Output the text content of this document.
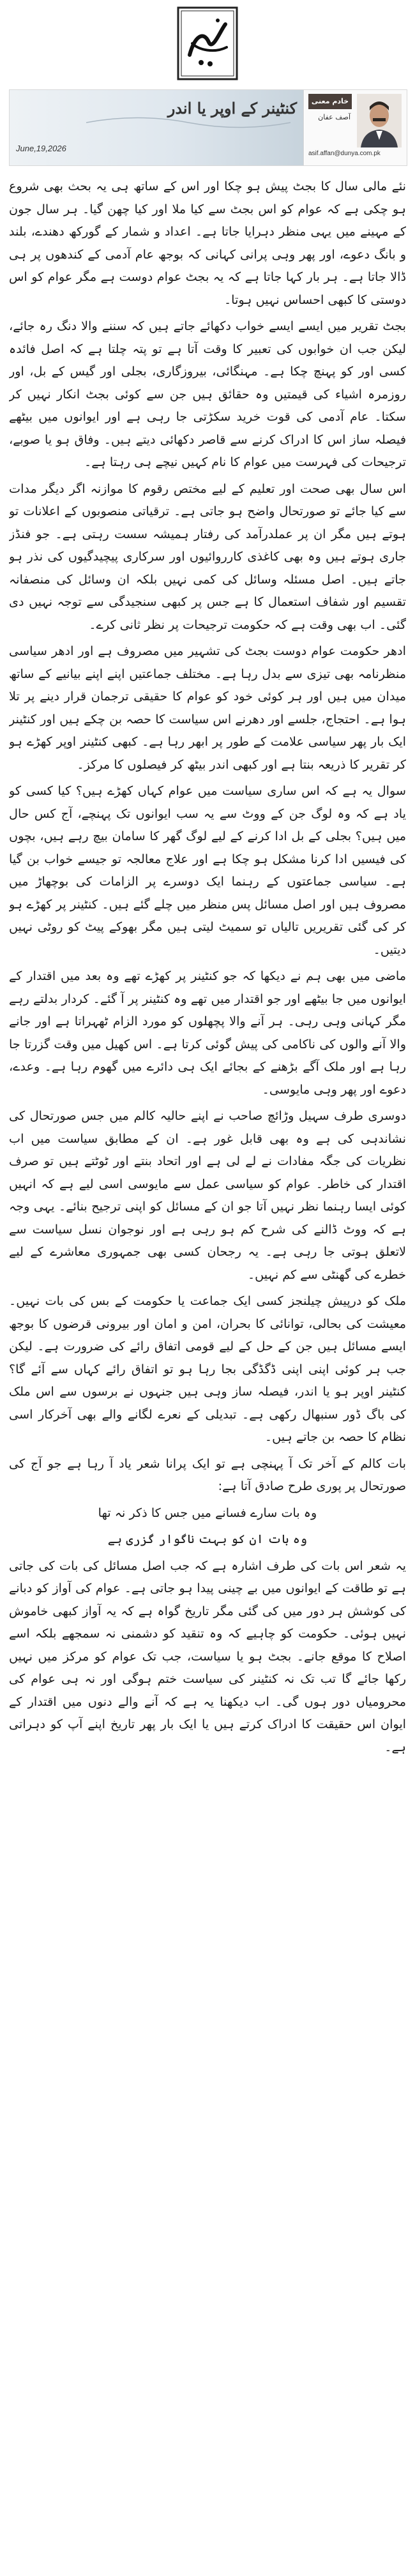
کنٹینر کے اوپر یا اندر
June,19,2026
خادم معنی
آصف عفان
asif.affan@dunya.com.pk

نئے مالی سال کا بجٹ پیش ہو چکا اور اس کے ساتھ ہی یہ بحث بھی شروع ہو چکی ہے کہ عوام کو اس بجٹ سے کیا ملا اور کیا چھن گیا۔ ہر سال جون کے مہینے میں یہی منظر دہرایا جاتا ہے۔ اعداد و شمار کے گورکھ دھندے، بلند و بانگ دعوے، اور پھر وہی پرانی کہانی کہ بوجھ عام آدمی کے کندھوں پر ہی ڈالا جاتا ہے۔ ہر بار کہا جاتا ہے کہ یہ بجٹ عوام دوست ہے مگر عوام کو اس دوستی کا کبھی احساس نہیں ہوتا۔

بجٹ تقریر میں ایسے ایسے خواب دکھائے جاتے ہیں کہ سننے والا دنگ رہ جائے، لیکن جب ان خوابوں کی تعبیر کا وقت آتا ہے تو پتہ چلتا ہے کہ اصل فائدہ کسی اور کو پہنچ چکا ہے۔ مہنگائی، بیروزگاری، بجلی اور گیس کے بل، اور روزمرہ اشیاء کی قیمتیں وہ حقائق ہیں جن سے کوئی بجٹ انکار نہیں کر سکتا۔ عام آدمی کی قوت خرید سکڑتی جا رہی ہے اور ایوانوں میں بیٹھے فیصلہ ساز اس کا ادراک کرنے سے قاصر دکھائی دیتے ہیں۔ وفاق ہو یا صوبے، ترجیحات کی فہرست میں عوام کا نام کہیں نیچے ہی رہتا ہے۔

اس سال بھی صحت اور تعلیم کے لیے مختص رقوم کا موازنہ اگر دیگر مدات سے کیا جائے تو صورتحال واضح ہو جاتی ہے۔ ترقیاتی منصوبوں کے اعلانات تو ہوتے ہیں مگر ان پر عملدرآمد کی رفتار ہمیشہ سست رہتی ہے۔ جو فنڈز جاری ہوتے ہیں وہ بھی کاغذی کارروائیوں اور سرکاری پیچیدگیوں کی نذر ہو جاتے ہیں۔ اصل مسئلہ وسائل کی کمی نہیں بلکہ ان وسائل کی منصفانہ تقسیم اور شفاف استعمال کا ہے جس پر کبھی سنجیدگی سے توجہ نہیں دی گئی۔ اب بھی وقت ہے کہ حکومت ترجیحات پر نظر ثانی کرے۔

ادھر حکومت عوام دوست بجٹ کی تشہیر میں مصروف ہے اور ادھر سیاسی منظرنامہ بھی تیزی سے بدل رہا ہے۔ مختلف جماعتیں اپنے اپنے بیانیے کے ساتھ میدان میں ہیں اور ہر کوئی خود کو عوام کا حقیقی ترجمان قرار دینے پر تلا ہوا ہے۔ احتجاج، جلسے اور دھرنے اس سیاست کا حصہ بن چکے ہیں اور کنٹینر ایک بار پھر سیاسی علامت کے طور پر ابھر رہا ہے۔ کبھی کنٹینر اوپر کھڑے ہو کر تقریر کا ذریعہ بنتا ہے اور کبھی اندر بیٹھ کر فیصلوں کا مرکز۔

سوال یہ ہے کہ اس ساری سیاست میں عوام کہاں کھڑے ہیں؟ کیا کسی کو یاد ہے کہ وہ لوگ جن کے ووٹ سے یہ سب ایوانوں تک پہنچے، آج کس حال میں ہیں؟ بجلی کے بل ادا کرنے کے لیے لوگ گھر کا سامان بیچ رہے ہیں، بچوں کی فیسیں ادا کرنا مشکل ہو چکا ہے اور علاج معالجہ تو جیسے خواب بن گیا ہے۔ سیاسی جماعتوں کے رہنما ایک دوسرے پر الزامات کی بوچھاڑ میں مصروف ہیں اور اصل مسائل پس منظر میں چلے گئے ہیں۔ کنٹینر پر کھڑے ہو کر کی گئی تقریریں تالیاں تو سمیٹ لیتی ہیں مگر بھوکے پیٹ کو روٹی نہیں دیتیں۔

ماضی میں بھی ہم نے دیکھا کہ جو کنٹینر پر کھڑے تھے وہ بعد میں اقتدار کے ایوانوں میں جا بیٹھے اور جو اقتدار میں تھے وہ کنٹینر پر آ گئے۔ کردار بدلتے رہے مگر کہانی وہی رہی۔ ہر آنے والا پچھلوں کو مورد الزام ٹھہراتا ہے اور جانے والا آنے والوں کی ناکامی کی پیش گوئی کرتا ہے۔ اس کھیل میں وقت گزرتا جا رہا ہے اور ملک آگے بڑھنے کے بجائے ایک ہی دائرے میں گھوم رہا ہے۔ وعدے، دعوے اور پھر وہی مایوسی۔

دوسری طرف سہیل وڑائچ صاحب نے اپنے حالیہ کالم میں جس صورتحال کی نشاندہی کی ہے وہ بھی قابل غور ہے۔ ان کے مطابق سیاست میں اب نظریات کی جگہ مفادات نے لے لی ہے اور اتحاد بنتے اور ٹوٹتے ہیں تو صرف اقتدار کی خاطر۔ عوام کو سیاسی عمل سے مایوسی اسی لیے ہے کہ انہیں کوئی ایسا رہنما نظر نہیں آتا جو ان کے مسائل کو اپنی ترجیح بنائے۔ یہی وجہ ہے کہ ووٹ ڈالنے کی شرح کم ہو رہی ہے اور نوجوان نسل سیاست سے لاتعلق ہوتی جا رہی ہے۔ یہ رجحان کسی بھی جمہوری معاشرے کے لیے خطرے کی گھنٹی سے کم نہیں۔

ملک کو درپیش چیلنجز کسی ایک جماعت یا حکومت کے بس کی بات نہیں۔ معیشت کی بحالی، توانائی کا بحران، امن و امان اور بیرونی قرضوں کا بوجھ ایسے مسائل ہیں جن کے حل کے لیے قومی اتفاق رائے کی ضرورت ہے۔ لیکن جب ہر کوئی اپنی اپنی ڈگڈگی بجا رہا ہو تو اتفاق رائے کہاں سے آئے گا؟ کنٹینر اوپر ہو یا اندر، فیصلہ ساز وہی ہیں جنہوں نے برسوں سے اس ملک کی باگ ڈور سنبھال رکھی ہے۔ تبدیلی کے نعرے لگانے والے بھی آخرکار اسی نظام کا حصہ بن جاتے ہیں۔

بات کالم کے آخر تک آ پہنچی ہے تو ایک پرانا شعر یاد آ رہا ہے جو آج کی صورتحال پر پوری طرح صادق آتا ہے:

وہ بات سارے فسانے میں جس کا ذکر نہ تھا

وہ بات ان کو بہت ناگوار گزری ہے

یہ شعر اس بات کی طرف اشارہ ہے کہ جب اصل مسائل کی بات کی جاتی ہے تو طاقت کے ایوانوں میں بے چینی پیدا ہو جاتی ہے۔ عوام کی آواز کو دبانے کی کوشش ہر دور میں کی گئی مگر تاریخ گواہ ہے کہ یہ آواز کبھی خاموش نہیں ہوئی۔ حکومت کو چاہیے کہ وہ تنقید کو دشمنی نہ سمجھے بلکہ اسے اصلاح کا موقع جانے۔ بجٹ ہو یا سیاست، جب تک عوام کو مرکز میں نہیں رکھا جائے گا تب تک نہ کنٹینر کی سیاست ختم ہوگی اور نہ ہی عوام کی محرومیاں دور ہوں گی۔ اب دیکھنا یہ ہے کہ آنے والے دنوں میں اقتدار کے ایوان اس حقیقت کا ادراک کرتے ہیں یا ایک بار پھر تاریخ اپنے آپ کو دہراتی ہے۔
